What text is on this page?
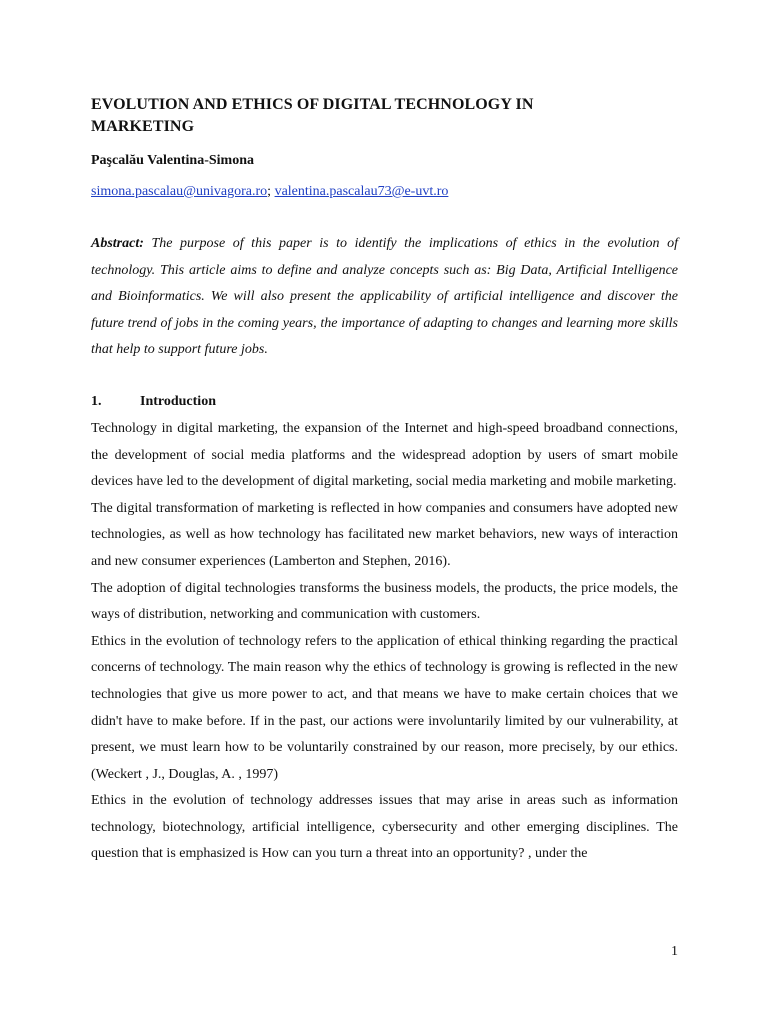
EVOLUTION AND ETHICS OF DIGITAL TECHNOLOGY IN MARKETING
Paşcalău Valentina-Simona
simona.pascalau@univagora.ro; valentina.pascalau73@e-uvt.ro

Abstract: The purpose of this paper is to identify the implications of ethics in the evolution of technology. This article aims to define and analyze concepts such as: Big Data, Artificial Intelligence and Bioinformatics. We will also present the applicability of artificial intelligence and discover the future trend of jobs in the coming years, the importance of adapting to changes and learning more skills that help to support future jobs.

1.	Introduction

Technology in digital marketing, the expansion of the Internet and high-speed broadband connections, the development of social media platforms and the widespread adoption by users of smart mobile devices have led to the development of digital marketing, social media marketing and mobile marketing.

The digital transformation of marketing is reflected in how companies and consumers have adopted new technologies, as well as how technology has facilitated new market behaviors, new ways of interaction and new consumer experiences (Lamberton and Stephen, 2016).

The adoption of digital technologies transforms the business models, the products, the price models, the ways of distribution, networking and communication with customers.

Ethics in the evolution of technology refers to the application of ethical thinking regarding the practical concerns of technology. The main reason why the ethics of technology is growing is reflected in the new technologies that give us more power to act, and that means we have to make certain choices that we didn't have to make before. If in the past, our actions were involuntarily limited by our vulnerability, at present, we must learn how to be voluntarily constrained by our reason, more precisely, by our ethics. (Weckert , J., Douglas, A. , 1997)

Ethics in the evolution of technology addresses issues that may arise in areas such as information technology, biotechnology, artificial intelligence, cybersecurity and other emerging disciplines. The question that is emphasized is How can you turn a threat into an opportunity? , under the

1
